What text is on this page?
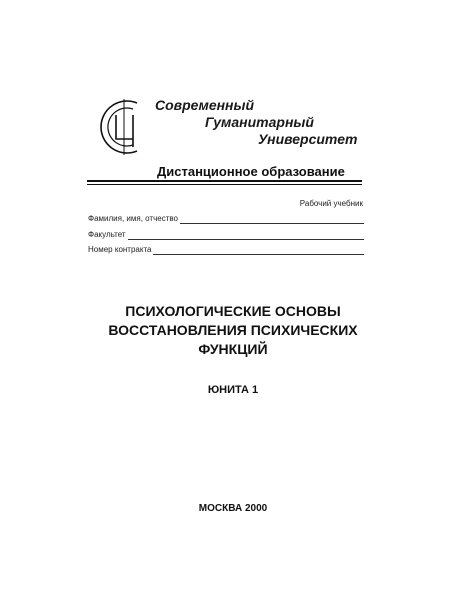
Современный
Гуманитарный
Университет
Дистанционное образование
Рабочий учебник
Фамилия, имя, отчество
Факультет
Номер контракта
ПСИХОЛОГИЧЕСКИЕ ОСНОВЫ
ВОССТАНОВЛЕНИЯ ПСИХИЧЕСКИХ
ФУНКЦИЙ
ЮНИТА 1
МОСКВА 2000
